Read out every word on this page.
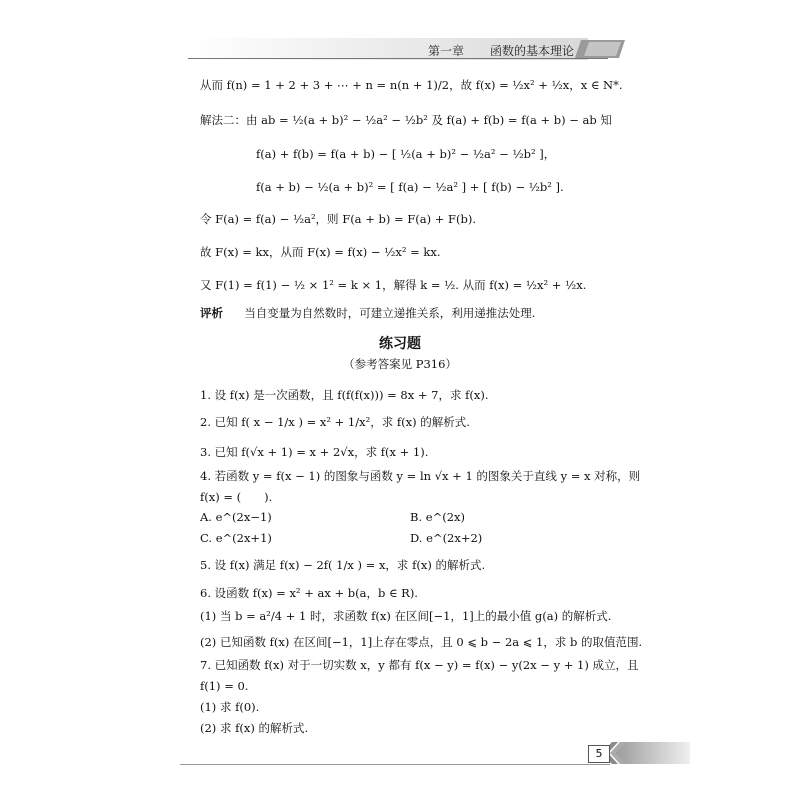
第一章 函数的基本理论
从而 f(n) = 1 + 2 + 3 + ⋯ + n = n(n + 1)/2，故 f(x) = ½x² + ½x，x ∈ N*.
解法二：由 ab = ½(a + b)² − ½a² − ½b² 及 f(a) + f(b) = f(a + b) − ab 知
f(a) + f(b) = f(a + b) − [ ½(a + b)² − ½a² − ½b² ]，
f(a + b) − ½(a + b)² = [ f(a) − ½a² ] + [ f(b) − ½b² ].
令 F(a) = f(a) − ½a²，则 F(a + b) = F(a) + F(b).
故 F(x) = kx，从而 F(x) = f(x) − ½x² = kx.
又 F(1) = f(1) − ½ × 1² = k × 1，解得 k = ½. 从而 f(x) = ½x² + ½x.
评析 当自变量为自然数时，可建立递推关系，利用递推法处理.
练习题
（参考答案见 P316）
1. 设 f(x) 是一次函数，且 f(f(f(x))) = 8x + 7，求 f(x).
2. 已知 f( x − 1/x ) = x² + 1/x²，求 f(x) 的解析式.
3. 已知 f(√x + 1) = x + 2√x，求 f(x + 1).
4. 若函数 y = f(x − 1) 的图象与函数 y = ln √x + 1 的图象关于直线 y = x 对称，则
f(x) = (　　).
A. e^(2x−1)	B. e^(2x)
C. e^(2x+1)	D. e^(2x+2)
5. 设 f(x) 满足 f(x) − 2f( 1/x ) = x，求 f(x) 的解析式.
6. 设函数 f(x) = x² + ax + b(a，b ∈ R).
(1) 当 b = a²/4 + 1 时，求函数 f(x) 在区间[−1，1]上的最小值 g(a) 的解析式.
(2) 已知函数 f(x) 在区间[−1，1]上存在零点，且 0 ⩽ b − 2a ⩽ 1，求 b 的取值范围.
7. 已知函数 f(x) 对于一切实数 x，y 都有 f(x − y) = f(x) − y(2x − y + 1) 成立，且
f(1) = 0.
(1) 求 f(0).
(2) 求 f(x) 的解析式.
5
